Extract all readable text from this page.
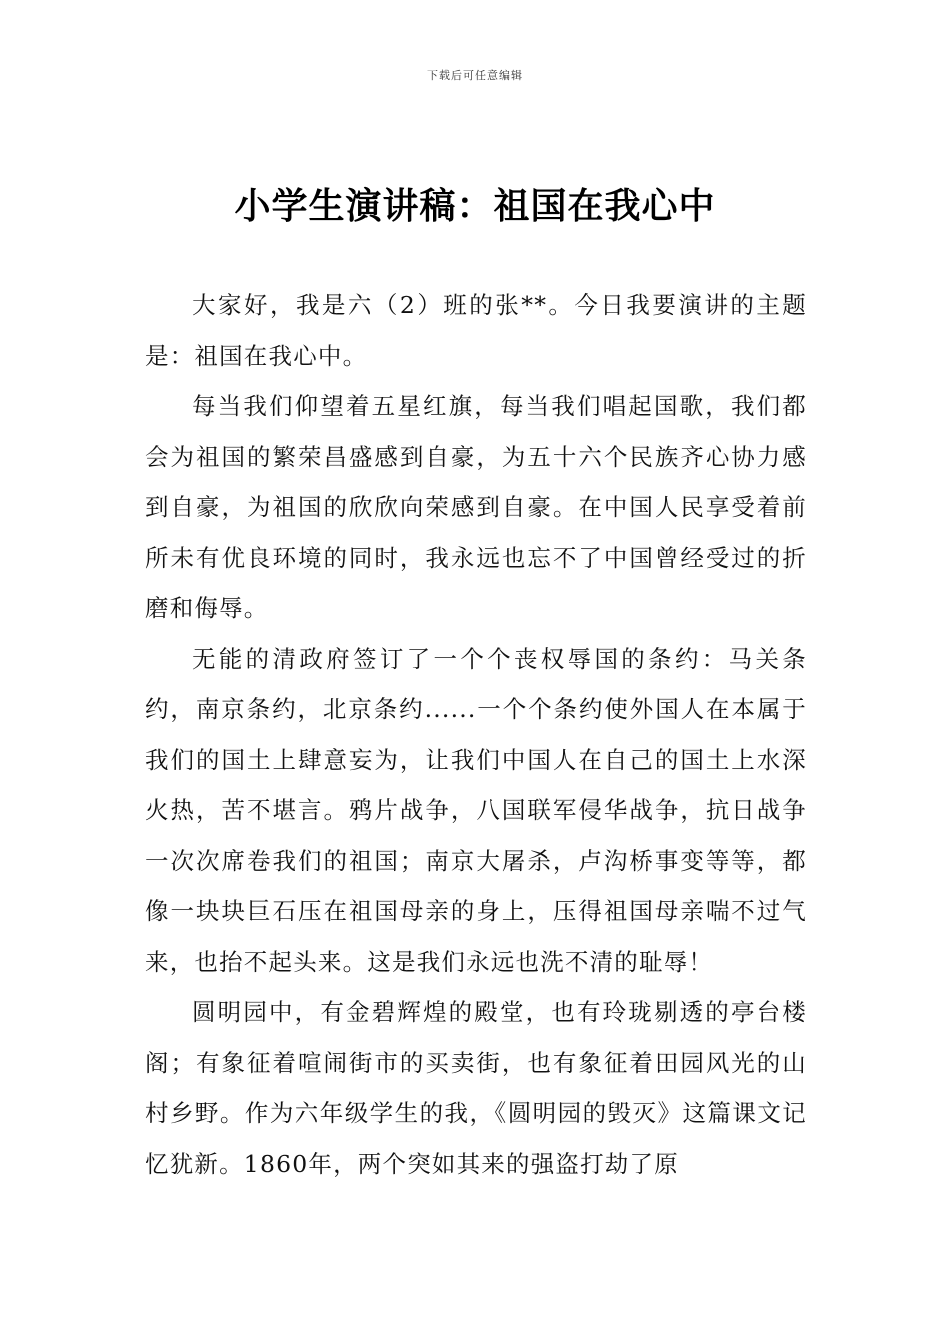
下载后可任意编辑
小学生演讲稿：祖国在我心中

大家好，我是六（2）班的张**。今日我要演讲的主题是：祖国在我心中。

每当我们仰望着五星红旗，每当我们唱起国歌，我们都会为祖国的繁荣昌盛感到自豪，为五十六个民族齐心协力感到自豪，为祖国的欣欣向荣感到自豪。在中国人民享受着前所未有优良环境的同时，我永远也忘不了中国曾经受过的折磨和侮辱。

无能的清政府签订了一个个丧权辱国的条约：马关条约，南京条约，北京条约......一个个条约使外国人在本属于我们的国土上肆意妄为，让我们中国人在自己的国土上水深火热，苦不堪言。鸦片战争，八国联军侵华战争，抗日战争一次次席卷我们的祖国；南京大屠杀，卢沟桥事变等等，都像一块块巨石压在祖国母亲的身上，压得祖国母亲喘不过气来，也抬不起头来。这是我们永远也洗不清的耻辱！

圆明园中，有金碧辉煌的殿堂，也有玲珑剔透的亭台楼阁；有象征着喧闹街市的买卖街，也有象征着田园风光的山村乡野。作为六年级学生的我，《圆明园的毁灭》这篇课文记忆犹新。1860年，两个突如其来的强盗打劫了原
